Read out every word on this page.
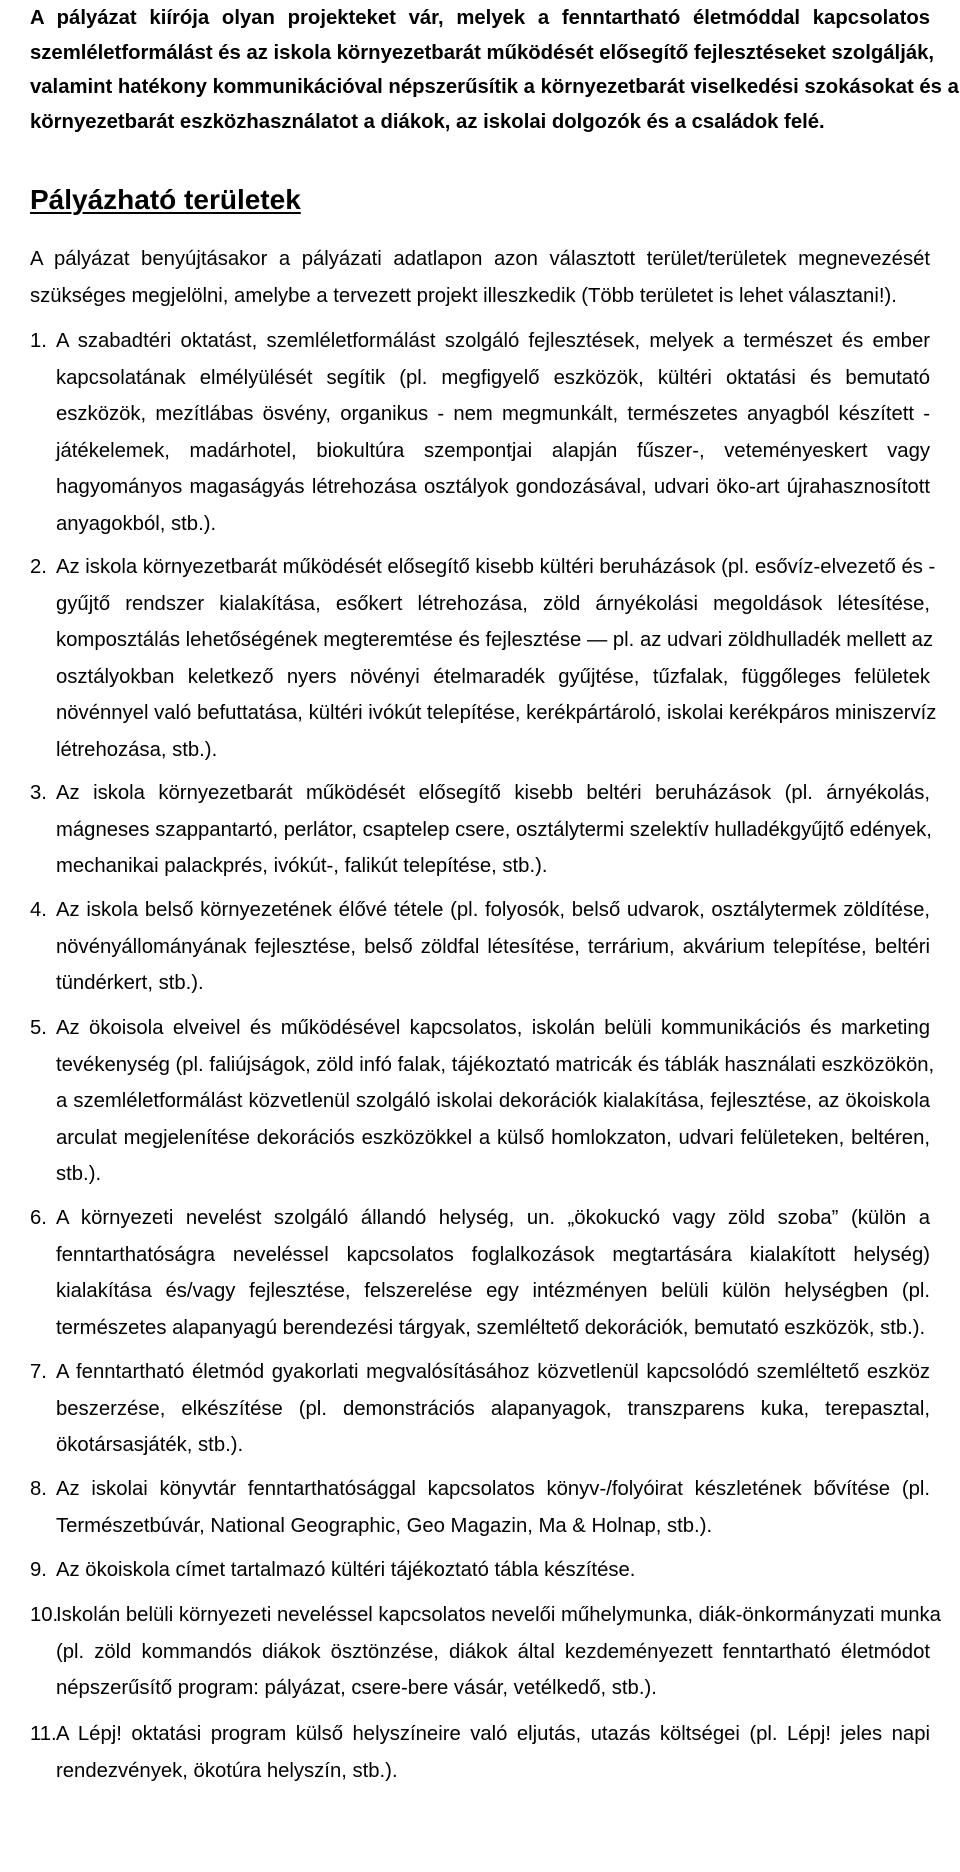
A pályázat kiírója olyan projekteket vár, melyek a fenntartható életmóddal kapcsolatos
szemléletformálást és az iskola környezetbarát működését elősegítő fejlesztéseket szolgálják,
valamint hatékony kommunikációval népszerűsítik a környezetbarát viselkedési szokásokat és a
környezetbarát eszközhasználatot a diákok, az iskolai dolgozók és a családok felé.
Pályázható területek
A pályázat benyújtásakor a pályázati adatlapon azon választott terület/területek megnevezését
szükséges megjelölni, amelybe a tervezett projekt illeszkedik (Több területet is lehet választani!).
1. A szabadtéri oktatást, szemléletformálást szolgáló fejlesztések, melyek a természet és ember
kapcsolatának elmélyülését segítik (pl. megfigyelő eszközök, kültéri oktatási és bemutató
eszközök, mezítlábas ösvény, organikus - nem megmunkált, természetes anyagból készített -
játékelemek, madárhotel, biokultúra szempontjai alapján fűszer-, veteményeskert vagy
hagyományos magaságyás létrehozása osztályok gondozásával, udvari öko-art újrahasznosított
anyagokból, stb.).
2. Az iskola környezetbarát működését elősegítő kisebb kültéri beruházások (pl. esővíz-elvezető és -
gyűjtő rendszer kialakítása, esőkert létrehozása, zöld árnyékolási megoldások létesítése,
komposztálás lehetőségének megteremtése és fejlesztése — pl. az udvari zöldhulladék mellett az
osztályokban keletkező nyers növényi ételmaradék gyűjtése, tűzfalak, függőleges felületek
növénnyel való befuttatása, kültéri ivókút telepítése, kerékpártároló, iskolai kerékpáros miniszervíz
létrehozása, stb.).
3. Az iskola környezetbarát működését elősegítő kisebb beltéri beruházások (pl. árnyékolás,
mágneses szappantartó, perlátor, csaptelep csere, osztálytermi szelektív hulladékgyűjtő edények,
mechanikai palackprés, ivókút-, falikút telepítése, stb.).
4. Az iskola belső környezetének élővé tétele (pl. folyosók, belső udvarok, osztálytermek zöldítése,
növényállományának fejlesztése, belső zöldfal létesítése, terrárium, akvárium telepítése, beltéri
tündérkert, stb.).
5. Az ökoisola elveivel és működésével kapcsolatos, iskolán belüli kommunikációs és marketing
tevékenység (pl. faliújságok, zöld infó falak, tájékoztató matricák és táblák használati eszközökön,
a szemléletformálást közvetlenül szolgáló iskolai dekorációk kialakítása, fejlesztése, az ökoiskola
arculat megjelenítése dekorációs eszközökkel a külső homlokzaton, udvari felületeken, beltéren,
stb.).
6. A környezeti nevelést szolgáló állandó helység, un. „ökokuckó vagy zöld szoba” (külön a
fenntarthatóságra neveléssel kapcsolatos foglalkozások megtartására kialakított helység)
kialakítása és/vagy fejlesztése, felszerelése egy intézményen belüli külön helységben (pl.
természetes alapanyagú berendezési tárgyak, szemléltető dekorációk, bemutató eszközök, stb.).
7. A fenntartható életmód gyakorlati megvalósításához közvetlenül kapcsolódó szemléltető eszköz
beszerzése, elkészítése (pl. demonstrációs alapanyagok, transzparens kuka, terepasztal,
ökotársasjáték, stb.).
8. Az iskolai könyvtár fenntarthatósággal kapcsolatos könyv-/folyóirat készletének bővítése (pl.
Természetbúvár, National Geographic, Geo Magazin, Ma & Holnap, stb.).
9. Az ökoiskola címet tartalmazó kültéri tájékoztató tábla készítése.
10.
Iskolán belüli környezeti neveléssel kapcsolatos nevelői műhelymunka, diák-önkormányzati munka
(pl. zöld kommandós diákok ösztönzése, diákok által kezdeményezett fenntartható életmódot
népszerűsítő program: pályázat, csere-bere vásár, vetélkedő, stb.).
11. A Lépj! oktatási program külső helyszíneire való eljutás, utazás költségei (pl. Lépj! jeles napi
rendezvények, ökotúra helyszín, stb.).
